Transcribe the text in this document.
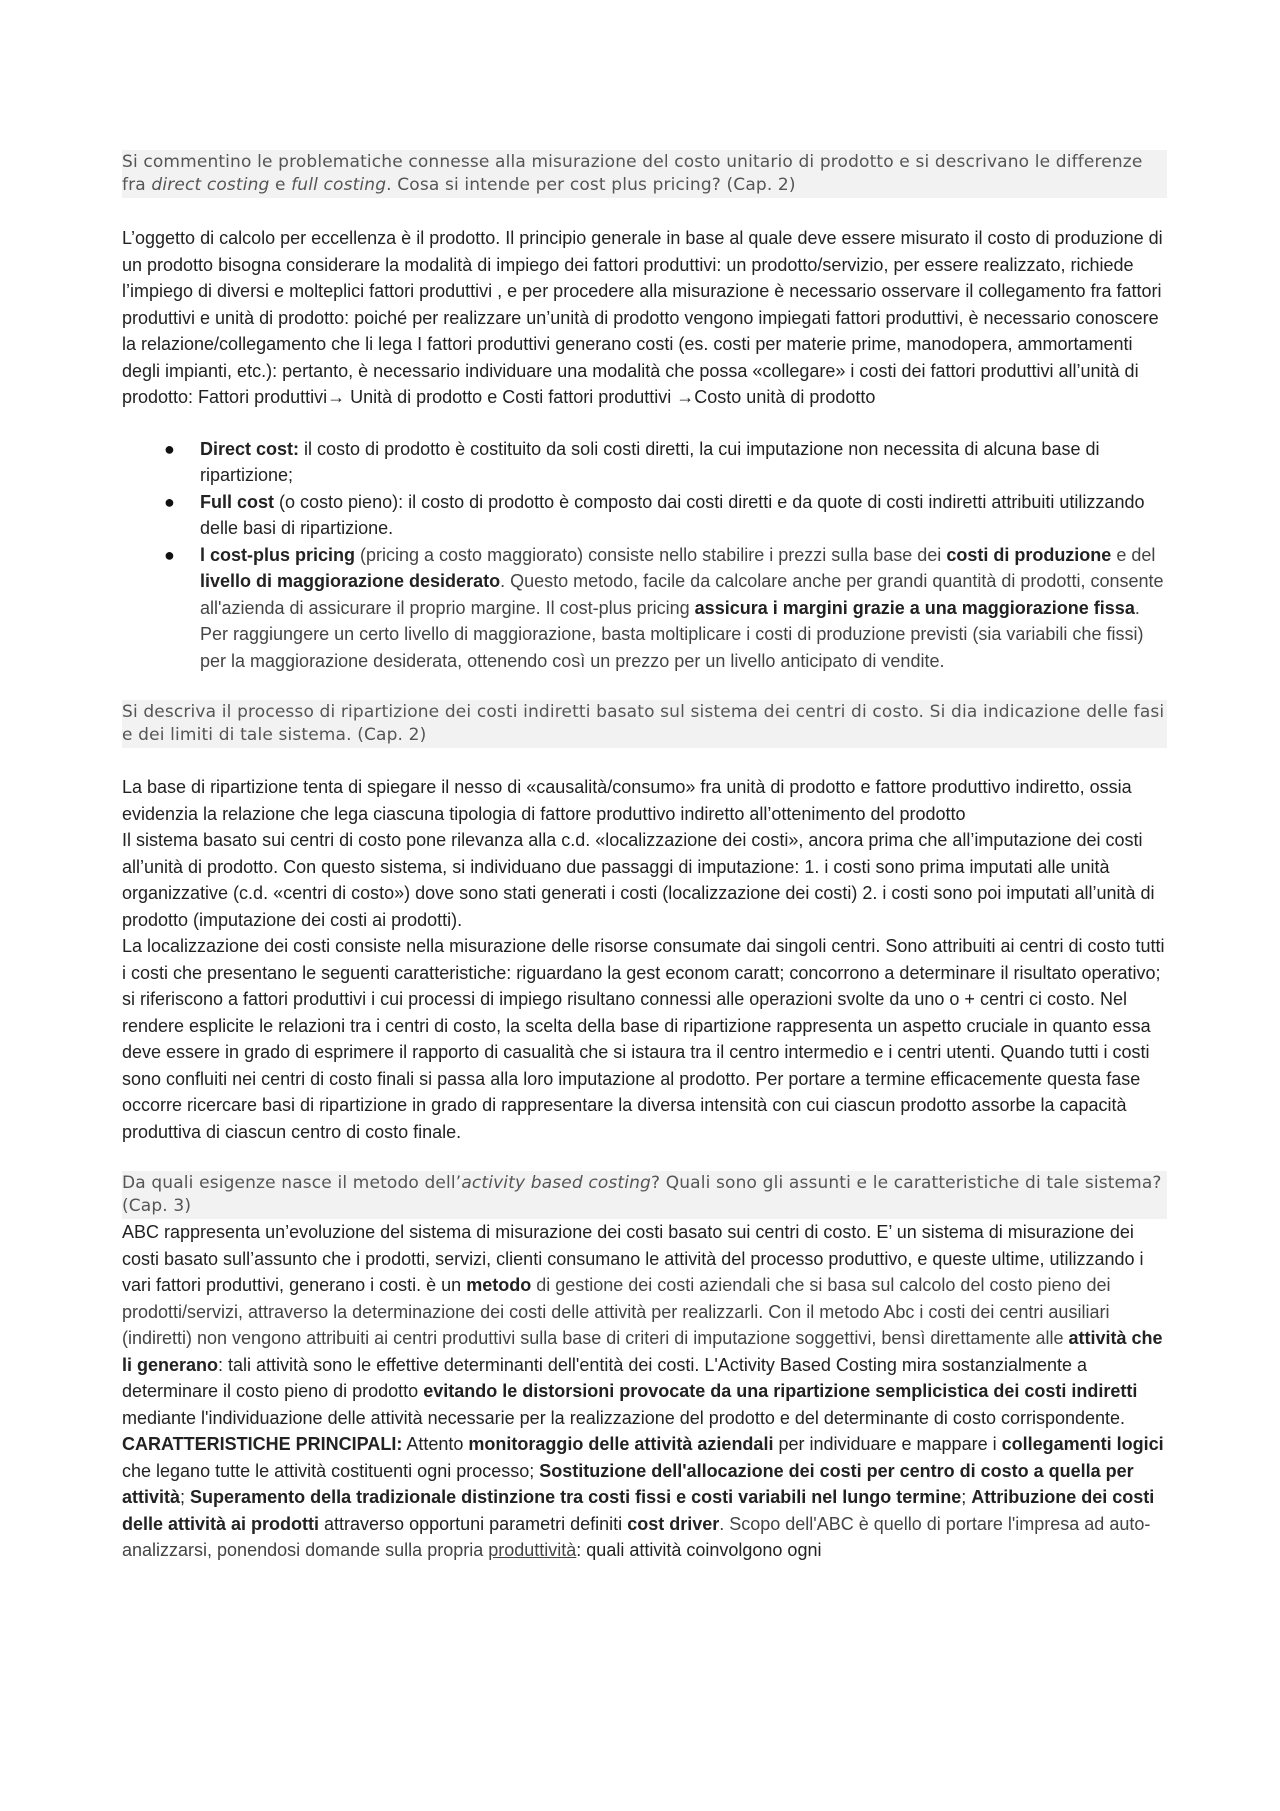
Si commentino le problematiche connesse alla misurazione del costo unitario di prodotto e si descrivano le differenze fra direct costing e full costing. Cosa si intende per cost plus pricing? (Cap. 2)

L’oggetto di calcolo per eccellenza è il prodotto. Il principio generale in base al quale deve essere misurato il costo di produzione di un prodotto bisogna considerare la modalità di impiego dei fattori produttivi: un prodotto/servizio, per essere realizzato, richiede l’impiego di diversi e molteplici fattori produttivi , e per procedere alla misurazione è necessario osservare il collegamento fra fattori produttivi e unità di prodotto: poiché per realizzare un’unità di prodotto vengono impiegati fattori produttivi, è necessario conoscere la relazione/collegamento che li lega I fattori produttivi generano costi (es. costi per materie prime, manodopera, ammortamenti degli impianti, etc.): pertanto, è necessario individuare una modalità che possa «collegare» i costi dei fattori produttivi all’unità di prodotto: Fattori produttivi→ Unità di prodotto e Costi fattori produttivi →Costo unità di prodotto

● Direct cost: il costo di prodotto è costituito da soli costi diretti, la cui imputazione non necessita di alcuna base di ripartizione;
● Full cost (o costo pieno): il costo di prodotto è composto dai costi diretti e da quote di costi indiretti attribuiti utilizzando delle basi di ripartizione.
● l cost-plus pricing (pricing a costo maggiorato) consiste nello stabilire i prezzi sulla base dei costi di produzione e del livello di maggiorazione desiderato. Questo metodo, facile da calcolare anche per grandi quantità di prodotti, consente all'azienda di assicurare il proprio margine. Il cost-plus pricing assicura i margini grazie a una maggiorazione fissa. Per raggiungere un certo livello di maggiorazione, basta moltiplicare i costi di produzione previsti (sia variabili che fissi) per la maggiorazione desiderata, ottenendo così un prezzo per un livello anticipato di vendite.

Si descriva il processo di ripartizione dei costi indiretti basato sul sistema dei centri di costo. Si dia indicazione delle fasi e dei limiti di tale sistema. (Cap. 2)

La base di ripartizione tenta di spiegare il nesso di «causalità/consumo» fra unità di prodotto e fattore produttivo indiretto, ossia evidenzia la relazione che lega ciascuna tipologia di fattore produttivo indiretto all’ottenimento del prodotto

Il sistema basato sui centri di costo pone rilevanza alla c.d. «localizzazione dei costi», ancora prima che all’imputazione dei costi all’unità di prodotto. Con questo sistema, si individuano due passaggi di imputazione: 1. i costi sono prima imputati alle unità organizzative (c.d. «centri di costo») dove sono stati generati i costi (localizzazione dei costi) 2. i costi sono poi imputati all’unità di prodotto (imputazione dei costi ai prodotti).

La localizzazione dei costi consiste nella misurazione delle risorse consumate dai singoli centri. Sono attribuiti ai centri di costo tutti i costi che presentano le seguenti caratteristiche: riguardano la gest econom caratt; concorrono a determinare il risultato operativo; si riferiscono a fattori produttivi i cui processi di impiego risultano connessi alle operazioni svolte da uno o + centri ci costo. Nel rendere esplicite le relazioni tra i centri di costo, la scelta della base di ripartizione rappresenta un aspetto cruciale in quanto essa deve essere in grado di esprimere il rapporto di casualità che si istaura tra il centro intermedio e i centri utenti. Quando tutti i costi sono confluiti nei centri di costo finali si passa alla loro imputazione al prodotto. Per portare a termine efficacemente questa fase occorre ricercare basi di ripartizione in grado di rappresentare la diversa intensità con cui ciascun prodotto assorbe la capacità produttiva di ciascun centro di costo finale.

Da quali esigenze nasce il metodo dell’activity based costing? Quali sono gli assunti e le caratteristiche di tale sistema? (Cap. 3)

ABC rappresenta un’evoluzione del sistema di misurazione dei costi basato sui centri di costo. E’ un sistema di misurazione dei costi basato sull’assunto che i prodotti, servizi, clienti consumano le attività del processo produttivo, e queste ultime, utilizzando i vari fattori produttivi, generano i costi. è un metodo di gestione dei costi aziendali che si basa sul calcolo del costo pieno dei prodotti/servizi, attraverso la determinazione dei costi delle attività per realizzarli. Con il metodo Abc i costi dei centri ausiliari (indiretti) non vengono attribuiti ai centri produttivi sulla base di criteri di imputazione soggettivi, bensì direttamente alle attività che li generano: tali attività sono le effettive determinanti dell'entità dei costi. L'Activity Based Costing mira sostanzialmente a determinare il costo pieno di prodotto evitando le distorsioni provocate da una ripartizione semplicistica dei costi indiretti mediante l'individuazione delle attività necessarie per la realizzazione del prodotto e del determinante di costo corrispondente. CARATTERISTICHE PRINCIPALI: Attento monitoraggio delle attività aziendali per individuare e mappare i collegamenti logici che legano tutte le attività costituenti ogni processo; Sostituzione dell'allocazione dei costi per centro di costo a quella per attività; Superamento della tradizionale distinzione tra costi fissi e costi variabili nel lungo termine; Attribuzione dei costi delle attività ai prodotti attraverso opportuni parametri definiti cost driver. Scopo dell'ABC è quello di portare l'impresa ad auto-analizzarsi, ponendosi domande sulla propria produttività: quali attività coinvolgono ogni
